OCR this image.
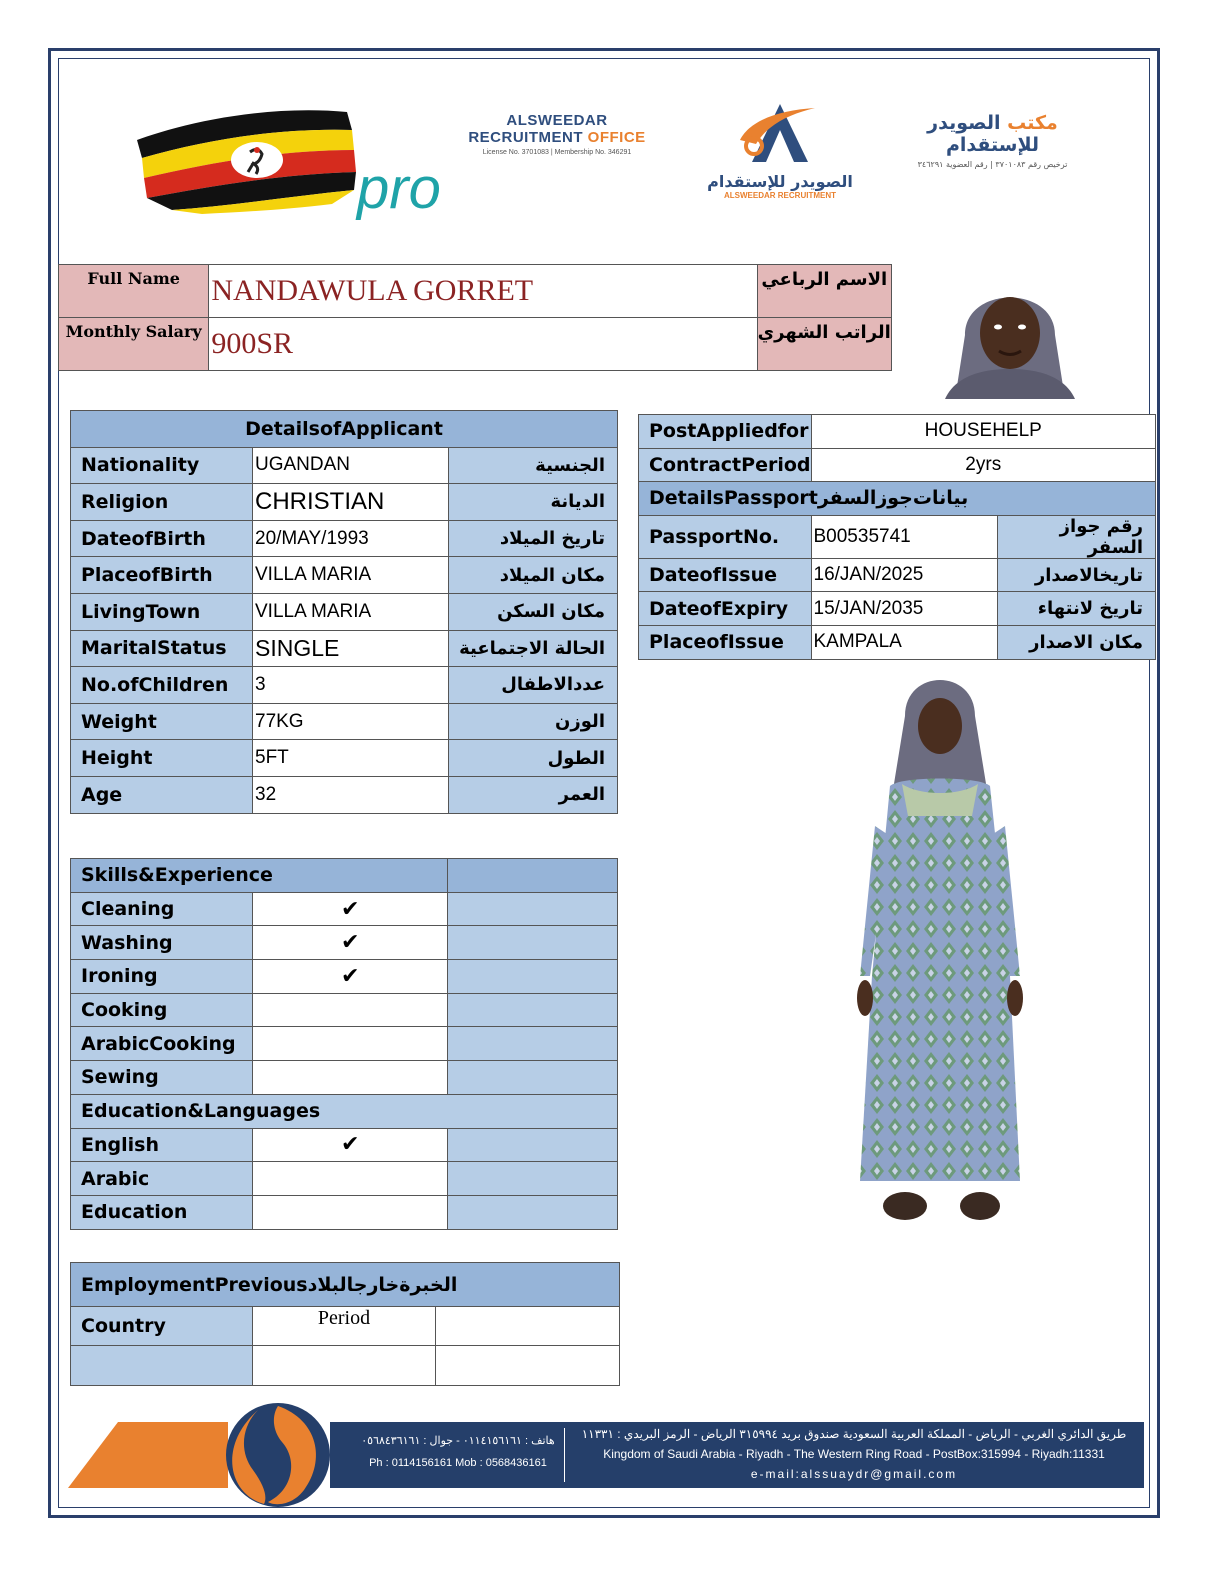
pro
ALSWEEDAR
RECRUITMENT OFFICE
License No. 3701083 | Membership No. 346291
الصويدر للإستقدام
ALSWEEDAR RECRUITMENT
مكتب الصويدر للإستقدام
ترخيص رقم ٣٧٠١٠٨٣ | رقم العضوية ٣٤٦٢٩١
Full Name	NANDAWULA GORRET	الاسم الرباعي
Monthly Salary	900SR	الراتب الشهري
DetailsofApplicant		
Nationality	UGANDAN	الجنسية
Religion	CHRISTIAN	الديانة
DateofBirth	20/MAY/1993	تاريخ الميلاد
PlaceofBirth	VILLA MARIA	مكان الميلاد
LivingTown	VILLA MARIA	مكان السكن
MaritalStatus	SINGLE	الحالة الاجتماعية
No.ofChildren	3	عددالاطفال
Weight	77KG	الوزن
Height	5FT	الطول
Age	32	العمر
PostAppliedfor	HOUSEHELP	
ContractPeriod	2yrs	
DetailsPassportبيانات‌جوزالسفر		
PassportNo.	B00535741	رقم جواز السفر
DateofIssue	16/JAN/2025	تاريخالاصدار
DateofExpiry	15/JAN/2035	تاريخ لانتهاء
PlaceofIssue	KAMPALA	مكان الاصدار
Skills&Experience		
Cleaning	✔	
Washing	✔	
Ironing	✔	
Cooking		
ArabicCooking		
Sewing		
Education&Languages		
English	✔	
Arabic		
Education		
EmploymentPreviousالخبرةخارجالبلاد		
Country	Period	

هاتف : ٠١١٤١٥٦١٦١ - جوال : ٠٥٦٨٤٣٦١٦١
Ph : 0114156161 Mob : 0568436161
طريق الدائري الغربي - الرياض - المملكة العربية السعودية صندوق بريد ٣١٥٩٩٤ الرياض - الرمز البريدي : ١١٣٣١
Kingdom of Saudi Arabia - Riyadh - The Western Ring Road - PostBox:315994 - Riyadh:11331
e-mail:alssuaydr@gmail.com
